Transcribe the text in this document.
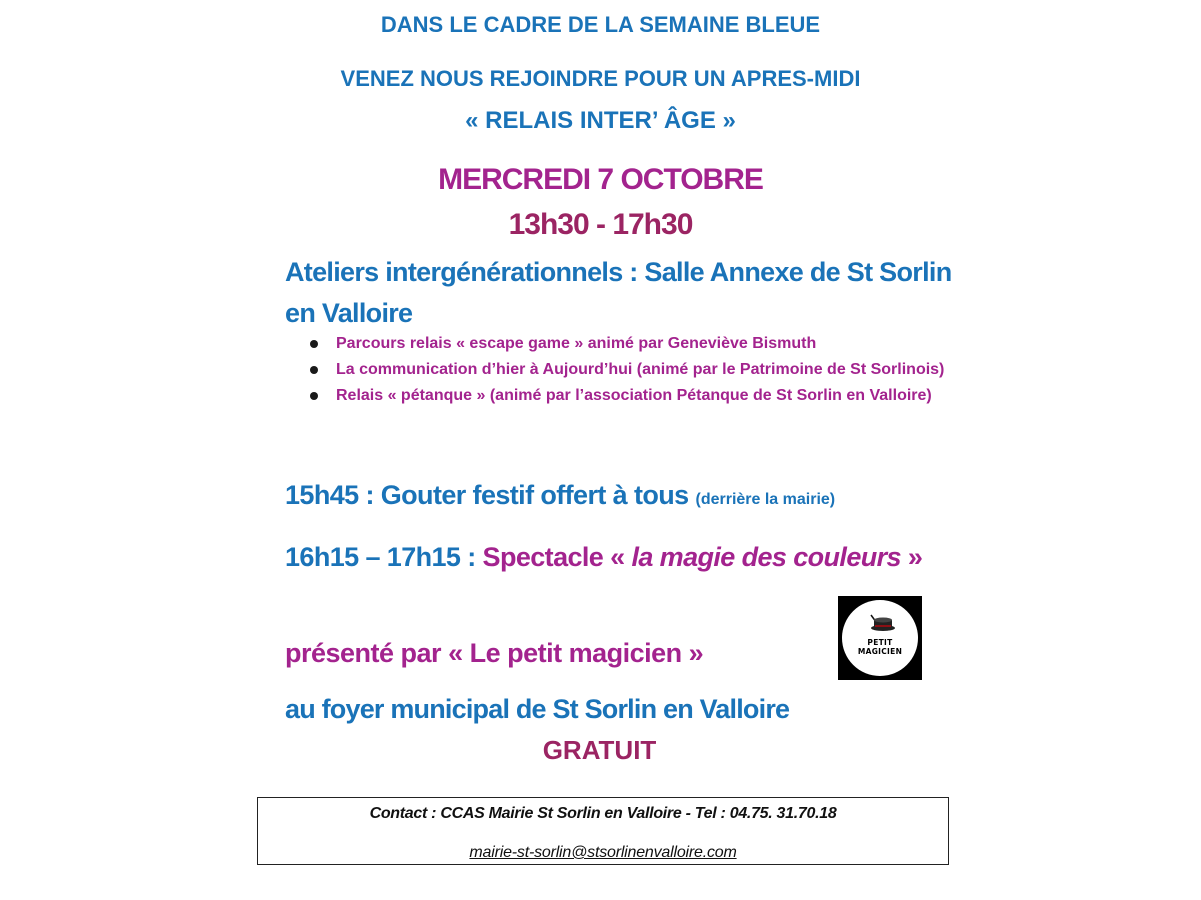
DANS LE CADRE DE LA SEMAINE BLEUE
VENEZ NOUS REJOINDRE POUR UN APRES-MIDI
« RELAIS INTER’ ÂGE »
MERCREDI 7 OCTOBRE
13h30 - 17h30
Ateliers intergénérationnels : Salle Annexe de St Sorlin en Valloire
Parcours relais « escape game » animé par Geneviève Bismuth
La communication d’hier à Aujourd’hui (animé par le Patrimoine de St Sorlinois)
Relais « pétanque » (animé par l’association Pétanque de St Sorlin en Valloire)
15h45 : Gouter festif offert à tous (derrière la mairie)
16h15 – 17h15 : Spectacle « la magie des couleurs »
présenté par « Le petit magicien »
au foyer municipal de St Sorlin en Valloire
GRATUIT
PETIT
MAGICIEN
Contact : CCAS Mairie St Sorlin en Valloire - Tel : 04.75. 31.70.18
mairie-st-sorlin@stsorlinenvalloire.com
